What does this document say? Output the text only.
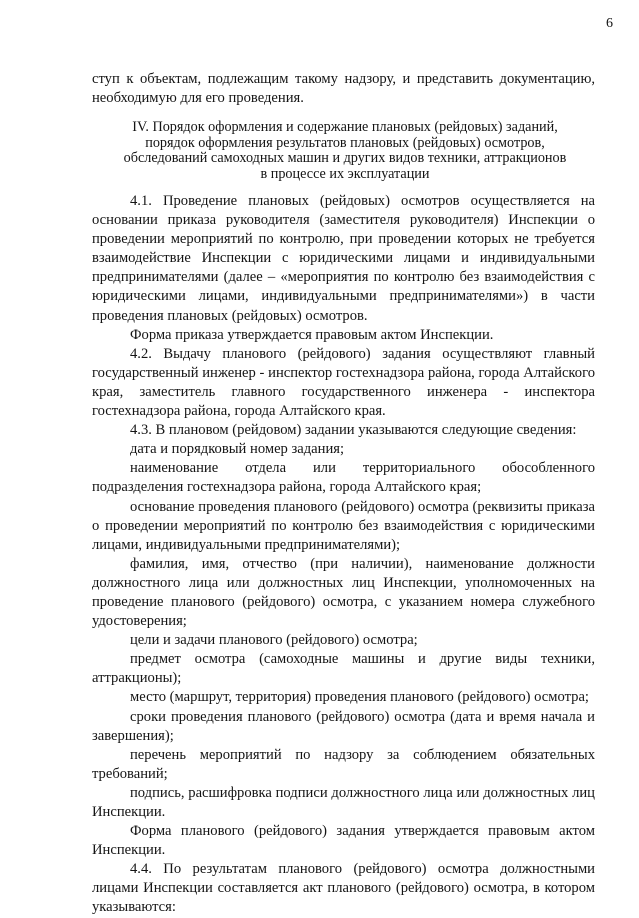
6

ступ к объектам, подлежащим такому надзору, и представить документацию, необходимую для его проведения.

IV. Порядок оформления и содержание плановых (рейдовых) заданий,
порядок оформления результатов плановых (рейдовых) осмотров,
обследований самоходных машин и других видов техники, аттракционов
в процессе их эксплуатации

4.1. Проведение плановых (рейдовых) осмотров осуществляется на основании приказа руководителя (заместителя руководителя) Инспекции о проведении мероприятий по контролю, при проведении которых не требуется взаимодействие Инспекции с юридическими лицами и индивидуальными предпринимателями (далее – «мероприятия по контролю без взаимодействия с юридическими лицами, индивидуальными предпринимателями») в части проведения плановых (рейдовых) осмотров.

Форма приказа утверждается правовым актом Инспекции.

4.2. Выдачу планового (рейдового) задания осуществляют главный государственный инженер - инспектор гостехнадзора района, города Алтайского края, заместитель главного государственного инженера - инспектора гостехнадзора района, города Алтайского края.

4.3. В плановом (рейдовом) задании указываются следующие сведения:

дата и порядковый номер задания;

наименование отдела или территориального обособленного подразделения гостехнадзора района, города Алтайского края;

основание проведения планового (рейдового) осмотра (реквизиты приказа о проведении мероприятий по контролю без взаимодействия с юридическими лицами, индивидуальными предпринимателями);

фамилия, имя, отчество (при наличии), наименование должности должностного лица или должностных лиц Инспекции, уполномоченных на проведение планового (рейдового) осмотра, с указанием номера служебного удостоверения;

цели и задачи планового (рейдового) осмотра;

предмет осмотра (самоходные машины и другие виды техники, аттракционы);

место (маршрут, территория) проведения планового (рейдового) осмотра;

сроки проведения планового (рейдового) осмотра (дата и время начала и завершения);

перечень мероприятий по надзору за соблюдением обязательных требований;

подпись, расшифровка подписи должностного лица или должностных лиц Инспекции.

Форма планового (рейдового) задания утверждается правовым актом Инспекции.

4.4. По результатам планового (рейдового) осмотра должностными лицами Инспекции составляется акт планового (рейдового) осмотра, в котором указываются:
